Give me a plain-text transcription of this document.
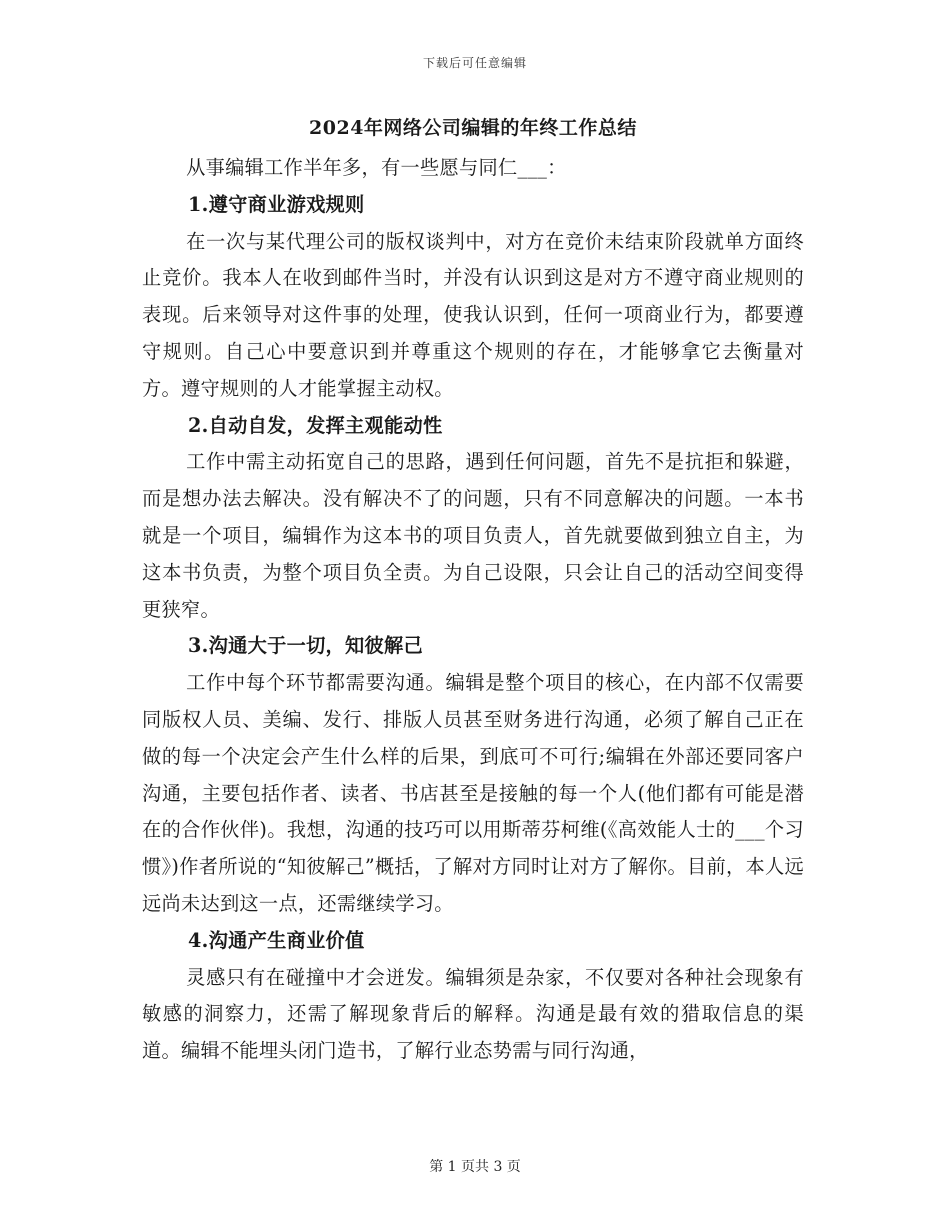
下载后可任意编辑
2024年网络公司编辑的年终工作总结

从事编辑工作半年多，有一些愿与同仁___：

1.遵守商业游戏规则

在一次与某代理公司的版权谈判中，对方在竞价未结束阶段就单方面终止竞价。我本人在收到邮件当时，并没有认识到这是对方不遵守商业规则的表现。后来领导对这件事的处理，使我认识到，任何一项商业行为，都要遵守规则。自己心中要意识到并尊重这个规则的存在，才能够拿它去衡量对方。遵守规则的人才能掌握主动权。

2.自动自发，发挥主观能动性

工作中需主动拓宽自己的思路，遇到任何问题，首先不是抗拒和躲避，而是想办法去解决。没有解决不了的问题，只有不同意解决的问题。一本书就是一个项目，编辑作为这本书的项目负责人，首先就要做到独立自主，为这本书负责，为整个项目负全责。为自己设限，只会让自己的活动空间变得更狭窄。

3.沟通大于一切，知彼解己

工作中每个环节都需要沟通。编辑是整个项目的核心，在内部不仅需要同版权人员、美编、发行、排版人员甚至财务进行沟通，必须了解自己正在做的每一个决定会产生什么样的后果，到底可不可行;编辑在外部还要同客户沟通，主要包括作者、读者、书店甚至是接触的每一个人(他们都有可能是潜在的合作伙伴)。我想，沟通的技巧可以用斯蒂芬柯维(《高效能人士的___个习惯》)作者所说的“知彼解己”概括，了解对方同时让对方了解你。目前，本人远远尚未达到这一点，还需继续学习。

4.沟通产生商业价值

灵感只有在碰撞中才会迸发。编辑须是杂家，不仅要对各种社会现象有敏感的洞察力，还需了解现象背后的解释。沟通是最有效的猎取信息的渠道。编辑不能埋头闭门造书，了解行业态势需与同行沟通，

第 1 页共 3 页
